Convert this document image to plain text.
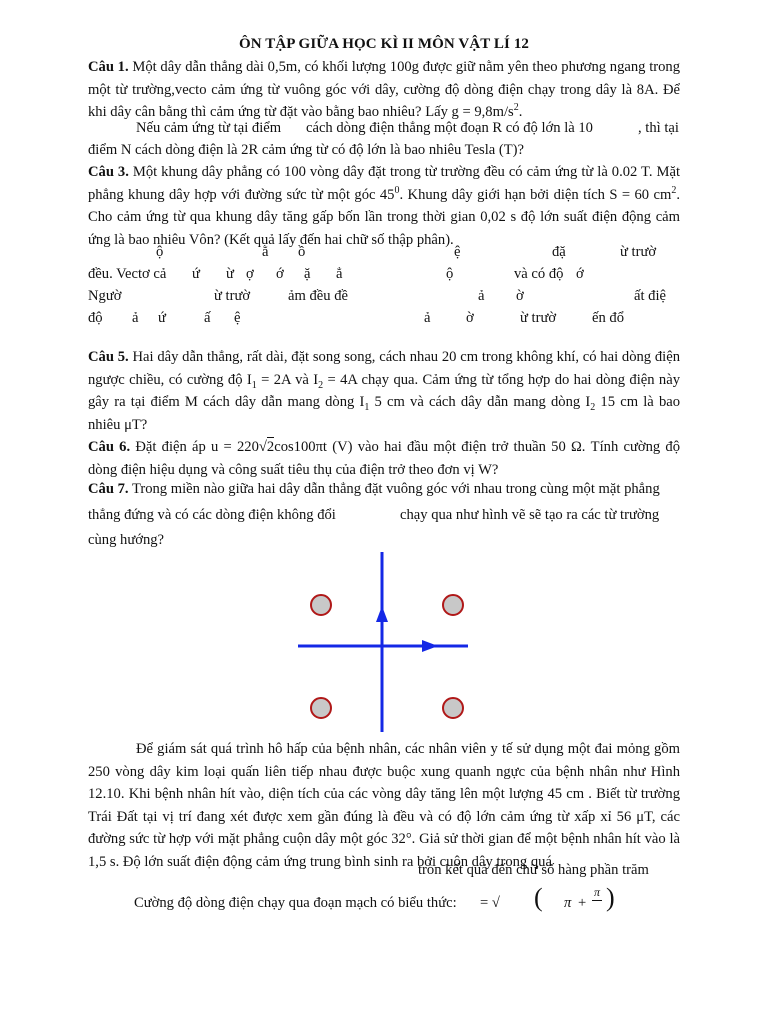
ÔN TẬP GIỮA HỌC KÌ II MÔN VẬT LÍ 12
Câu 1. Một dây dẫn thẳng dài 0,5m, có khối lượng 100g được giữ nằm yên theo phương ngang trong một từ trường,vecto cảm ứng từ vuông góc với dây, cường độ dòng điện chạy trong dây là 8A. Để khi dây cân bằng thì cảm ứng từ đặt vào bằng bao nhiêu? Lấy $g = 9,8m/s^2$.
Nếu cảm ứng từ tại điểm cách dòng điện thẳng một đoạn R có độ lớn là 10	, thì tại
điểm N cách dòng điện là 2R cảm ứng từ có độ lớn là bao nhiêu Tesla (T)?
Câu 3. Một khung dây phẳng có 100 vòng dây đặt trong từ trường đều có cảm ứng từ là 0.02 T. Mặt phẳng khung dây hợp với đường sức từ một góc $45^0$. Khung dây giới hạn bởi diện tích S = 60 $cm^2$. Cho cảm ứng từ qua khung dây tăng gấp bốn lần trong thời gian 0,02 s độ lớn suất điện động cảm ứng là bao nhiêu Vôn? (Kết quả lấy đến hai chữ số thập phân).
ộ	ằ ồ	ệ	đặ	ừ trườ
đều. Vectơ cả ứ ừ ợ ớ ặ ẳ	ộ	và có độ ớ
Ngườ	ừ trườ	ảm đều đề	ả ờ	ất điệ
độ ả ứ	ấ ệ	ả ờ	ừ trườ ến đổ
Câu 5. Hai dây dẫn thẳng, rất dài, đặt song song, cách nhau 20 cm trong không khí, có hai dòng điện ngược chiều, có cường độ $I_1 = 2A$ và $I_2 = 4A$ chạy qua. Cảm ứng từ tổng hợp do hai dòng điện này gây ra tại điểm M cách dây dẫn mang dòng $I_1$ 5 cm và cách dây dẫn mang dòng $I_2$ 15 cm là bao nhiêu μT?
Câu 6. Đặt điện áp u = 220√2cos100πt (V) vào hai đầu một điện trở thuần 50 Ω. Tính cường độ dòng điện hiệu dụng và công suất tiêu thụ của điện trở theo đơn vị W?
Câu 7. Trong miền nào giữa hai dây dẫn thẳng đặt vuông góc với nhau trong cùng một mặt phẳng
thẳng đứng và có các dòng điện không đổi	chạy qua như hình vẽ sẽ tạo ra các từ trường
cùng hướng?
Để giám sát quá trình hô hấp của bệnh nhân, các nhân viên y tế sử dụng một đai mỏng gồm 250 vòng dây kim loại quấn liên tiếp nhau được buộc xung quanh ngực của bệnh nhân như Hình 12.10. Khi bệnh nhân hít vào, diện tích của các vòng dây tăng lên một lượng 45 cm . Biết từ trường Trái Đất tại vị trí đang xét được xem gần đúng là đều và có độ lớn cảm ứng từ xấp xỉ 56 μT, các đường sức từ hợp với mặt phẳng cuộn dây một góc 32°. Giả sử thời gian để một bệnh nhân hít vào là 1,5 s. Độ lớn suất điện động cảm ứng trung bình sinh ra bởi cuộn dây trong quá
tròn kết quả đến chữ số hàng phần trăm
Cường độ dòng điện chạy qua đoạn mạch có biểu thức: = √ ( π +
π )
